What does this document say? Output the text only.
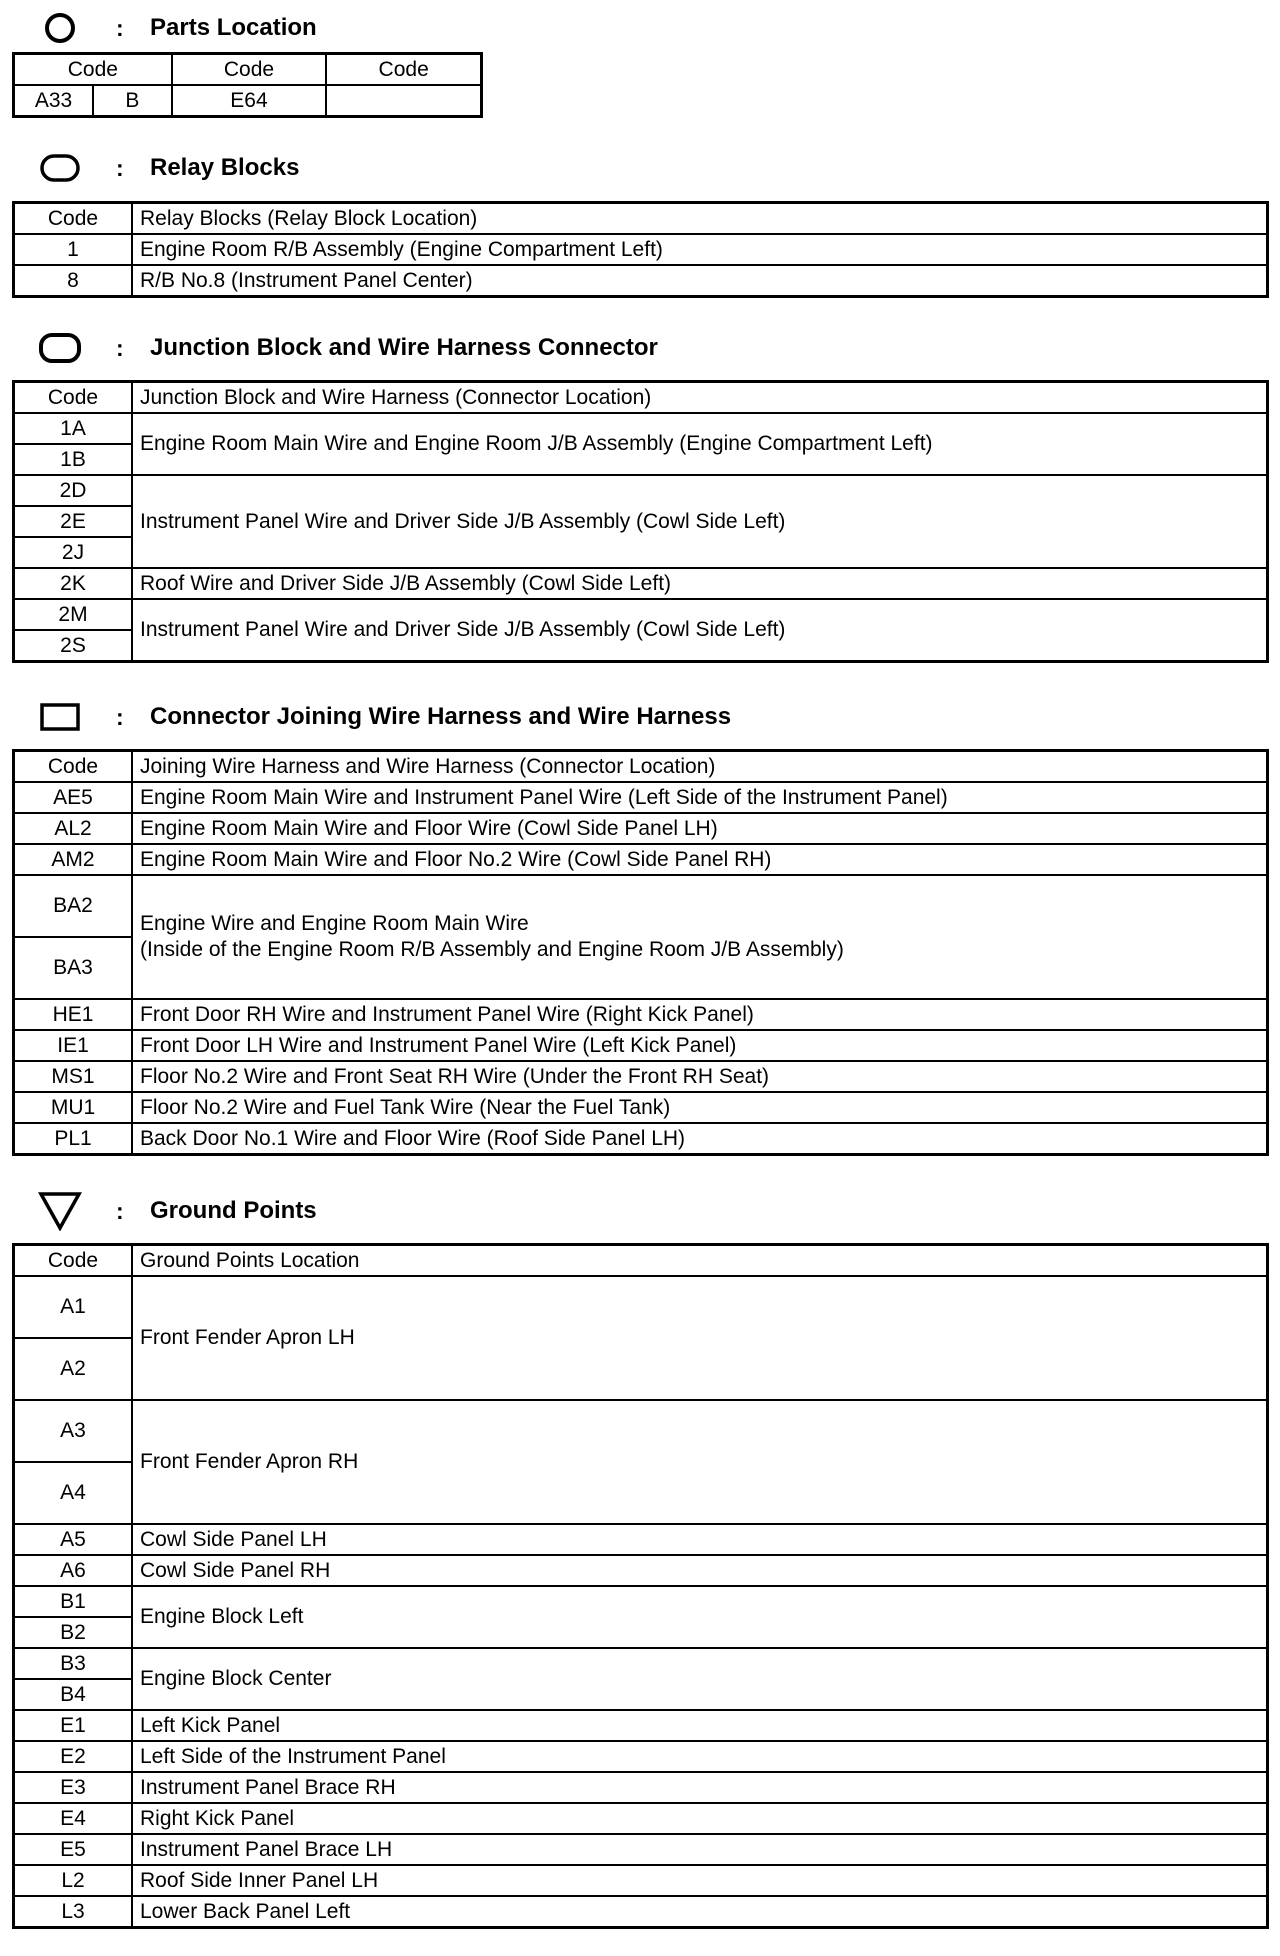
:	Parts Location
Code		Code	Code
A33	B	E64	
:	Relay Blocks
Code	Relay Blocks (Relay Block Location)
1	Engine Room R/B Assembly (Engine Compartment Left)
8	R/B No.8 (Instrument Panel Center)
:	Junction Block and Wire Harness Connector
Code	Junction Block and Wire Harness (Connector Location)
1A	Engine Room Main Wire and Engine Room J/B Assembly (Engine Compartment Left)
1B	
2D	Instrument Panel Wire and Driver Side J/B Assembly (Cowl Side Left)
2E	
2J	
2K	Roof Wire and Driver Side J/B Assembly (Cowl Side Left)
2M	Instrument Panel Wire and Driver Side J/B Assembly (Cowl Side Left)
2S	
:	Connector Joining Wire Harness and Wire Harness
Code	Joining Wire Harness and Wire Harness (Connector Location)
AE5	Engine Room Main Wire and Instrument Panel Wire (Left Side of the Instrument Panel)
AL2	Engine Room Main Wire and Floor Wire (Cowl Side Panel LH)
AM2	Engine Room Main Wire and Floor No.2 Wire (Cowl Side Panel RH)
BA2	Engine Wire and Engine Room Main Wire
(Inside of the Engine Room R/B Assembly and Engine Room J/B Assembly)

BA3	
HE1	Front Door RH Wire and Instrument Panel Wire (Right Kick Panel)
IE1	Front Door LH Wire and Instrument Panel Wire (Left Kick Panel)
MS1	Floor No.2 Wire and Front Seat RH Wire (Under the Front RH Seat)
MU1	Floor No.2 Wire and Fuel Tank Wire (Near the Fuel Tank)
PL1	Back Door No.1 Wire and Floor Wire (Roof Side Panel LH)
:	Ground Points
Code	Ground Points Location
A1	Front Fender Apron LH
A2	
A3	Front Fender Apron RH
A4	
A5	Cowl Side Panel LH
A6	Cowl Side Panel RH
B1	Engine Block Left
B2	
B3	Engine Block Center
B4	
E1	Left Kick Panel
E2	Left Side of the Instrument Panel
E3	Instrument Panel Brace RH
E4	Right Kick Panel
E5	Instrument Panel Brace LH
L2	Roof Side Inner Panel LH
L3	Lower Back Panel Left
